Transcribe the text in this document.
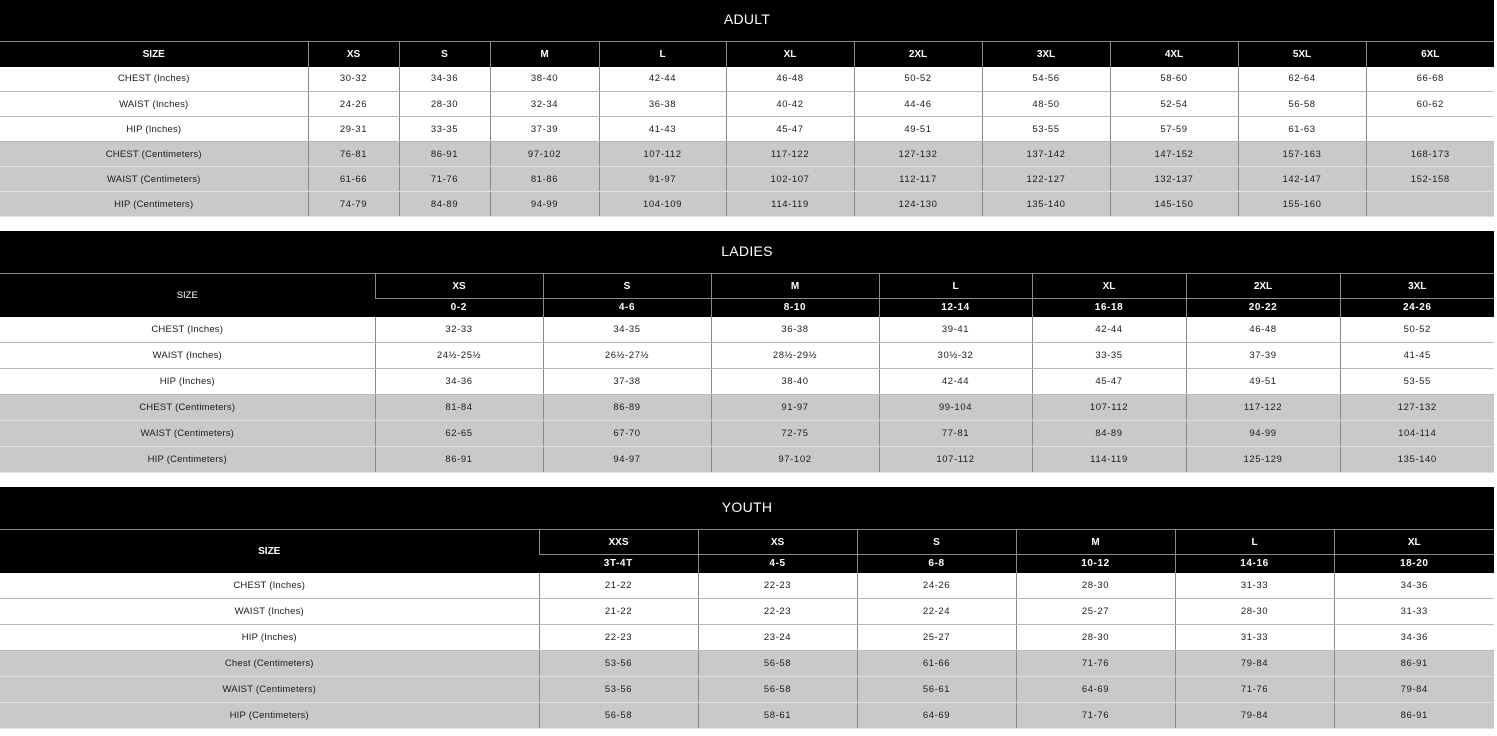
ADULT
SIZE	XS	S	M	L	XL	2XL	3XL	4XL	5XL	6XL
CHEST (Inches)	30-32	34-36	38-40	42-44	46-48	50-52	54-56	58-60	62-64	66-68
WAIST (Inches)	24-26	28-30	32-34	36-38	40-42	44-46	48-50	52-54	56-58	60-62
HIP (Inches)	29-31	33-35	37-39	41-43	45-47	49-51	53-55	57-59	61-63	
CHEST (Centimeters)	76-81	86-91	97-102	107-112	117-122	127-132	137-142	147-152	157-163	168-173
WAIST (Centimeters)	61-66	71-76	81-86	91-97	102-107	112-117	122-127	132-137	142-147	152-158
HIP (Centimeters)	74-79	84-89	94-99	104-109	114-119	124-130	135-140	145-150	155-160	
LADIES
SIZE	XS	S	M	L	XL	2XL	3XL
	0-2	4-6	8-10	12-14	16-18	20-22	24-26
CHEST (Inches)	32-33	34-35	36-38	39-41	42-44	46-48	50-52
WAIST (Inches)	24½-25½	26½-27½	28½-29½	30½-32	33-35	37-39	41-45
HIP (Inches)	34-36	37-38	38-40	42-44	45-47	49-51	53-55
CHEST (Centimeters)	81-84	86-89	91-97	99-104	107-112	117-122	127-132
WAIST (Centimeters)	62-65	67-70	72-75	77-81	84-89	94-99	104-114
HIP (Centimeters)	86-91	94-97	97-102	107-112	114-119	125-129	135-140
YOUTH
SIZE	XXS	XS	S	M	L	XL
	3T-4T	4-5	6-8	10-12	14-16	18-20
CHEST (Inches)	21-22	22-23	24-26	28-30	31-33	34-36
WAIST (Inches)	21-22	22-23	22-24	25-27	28-30	31-33
HIP (Inches)	22-23	23-24	25-27	28-30	31-33	34-36
Chest (Centimeters)	53-56	56-58	61-66	71-76	79-84	86-91
WAIST (Centimeters)	53-56	56-58	56-61	64-69	71-76	79-84
HIP (Centimeters)	56-58	58-61	64-69	71-76	79-84	86-91
